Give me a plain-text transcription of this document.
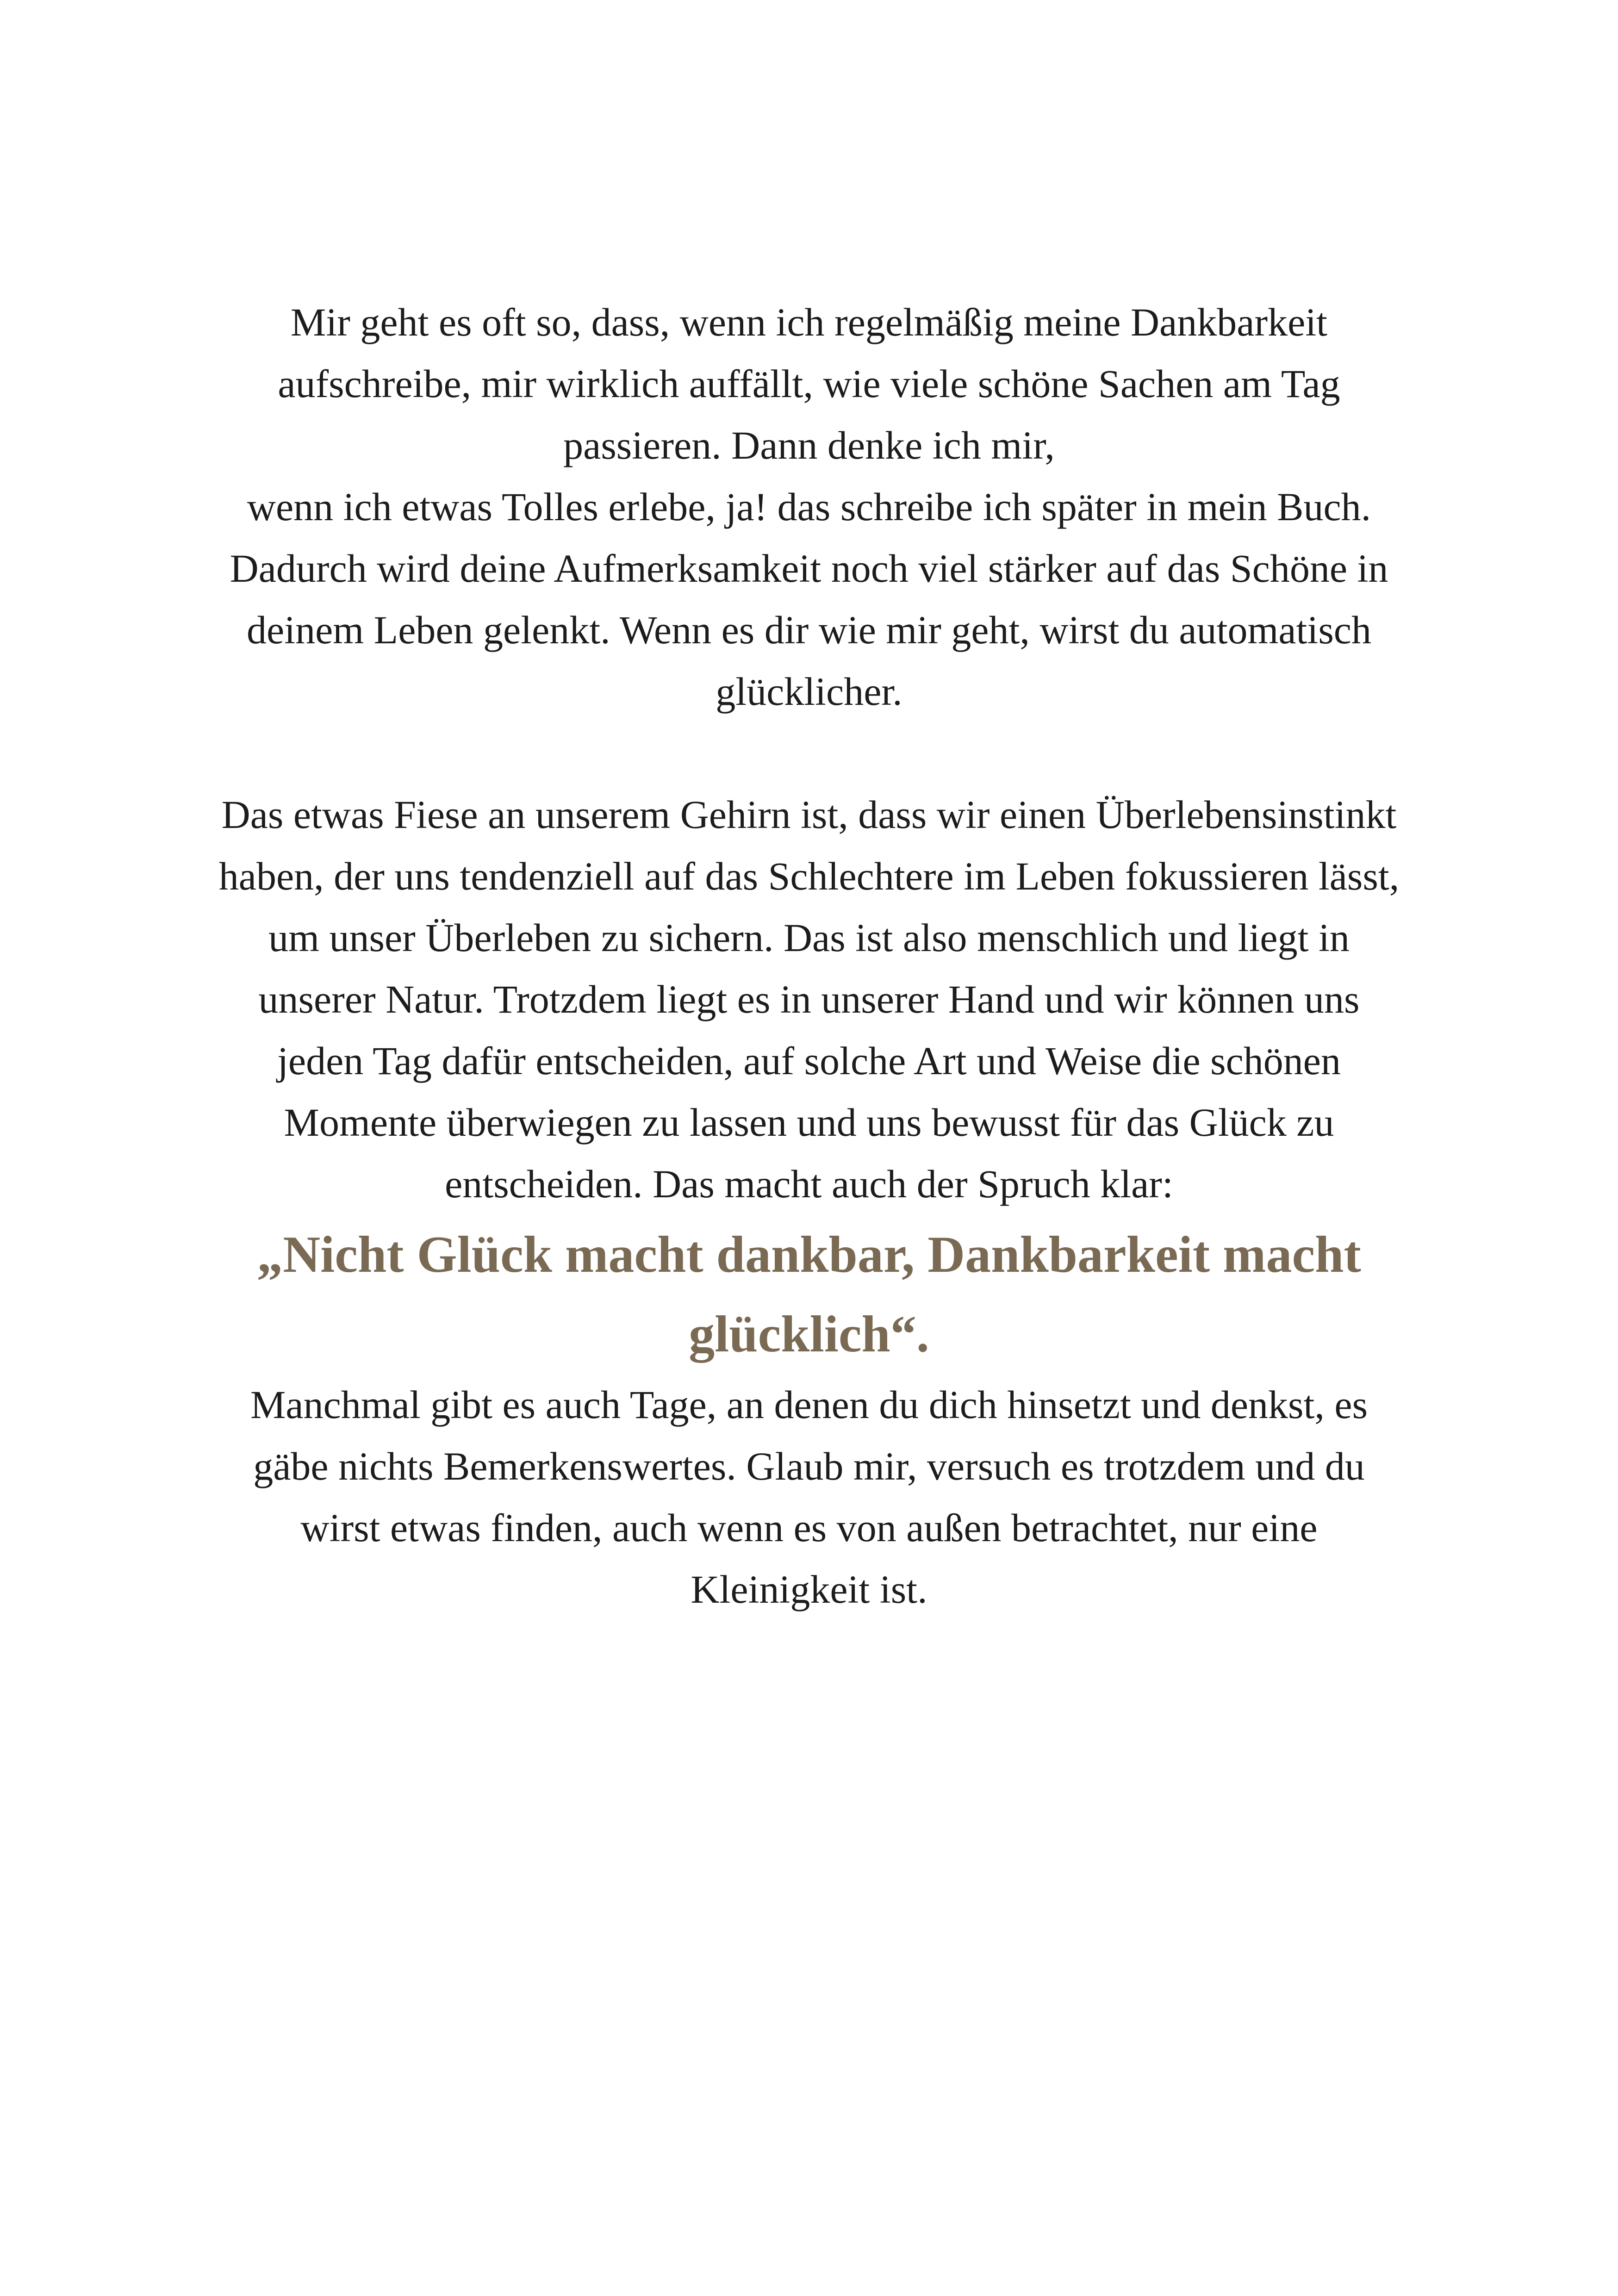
Mir geht es oft so, dass, wenn ich regelmäßig meine Dankbarkeit
aufschreibe, mir wirklich auffällt, wie viele schöne Sachen am Tag
passieren. Dann denke ich mir,
wenn ich etwas Tolles erlebe, ja! das schreibe ich später in mein Buch.
Dadurch wird deine Aufmerksamkeit noch viel stärker auf das Schöne in
deinem Leben gelenkt. Wenn es dir wie mir geht, wirst du automatisch
glücklicher.
Das etwas Fiese an unserem Gehirn ist, dass wir einen Überlebensinstinkt
haben, der uns tendenziell auf das Schlechtere im Leben fokussieren lässt,
um unser Überleben zu sichern. Das ist also menschlich und liegt in
unserer Natur. Trotzdem liegt es in unserer Hand und wir können uns
jeden Tag dafür entscheiden, auf solche Art und Weise die schönen
Momente überwiegen zu lassen und uns bewusst für das Glück zu
entscheiden. Das macht auch der Spruch klar:
„Nicht Glück macht dankbar, Dankbarkeit macht
glücklich“.
Manchmal gibt es auch Tage, an denen du dich hinsetzt und denkst, es
gäbe nichts Bemerkenswertes. Glaub mir, versuch es trotzdem und du
wirst etwas finden, auch wenn es von außen betrachtet, nur eine
Kleinigkeit ist.
